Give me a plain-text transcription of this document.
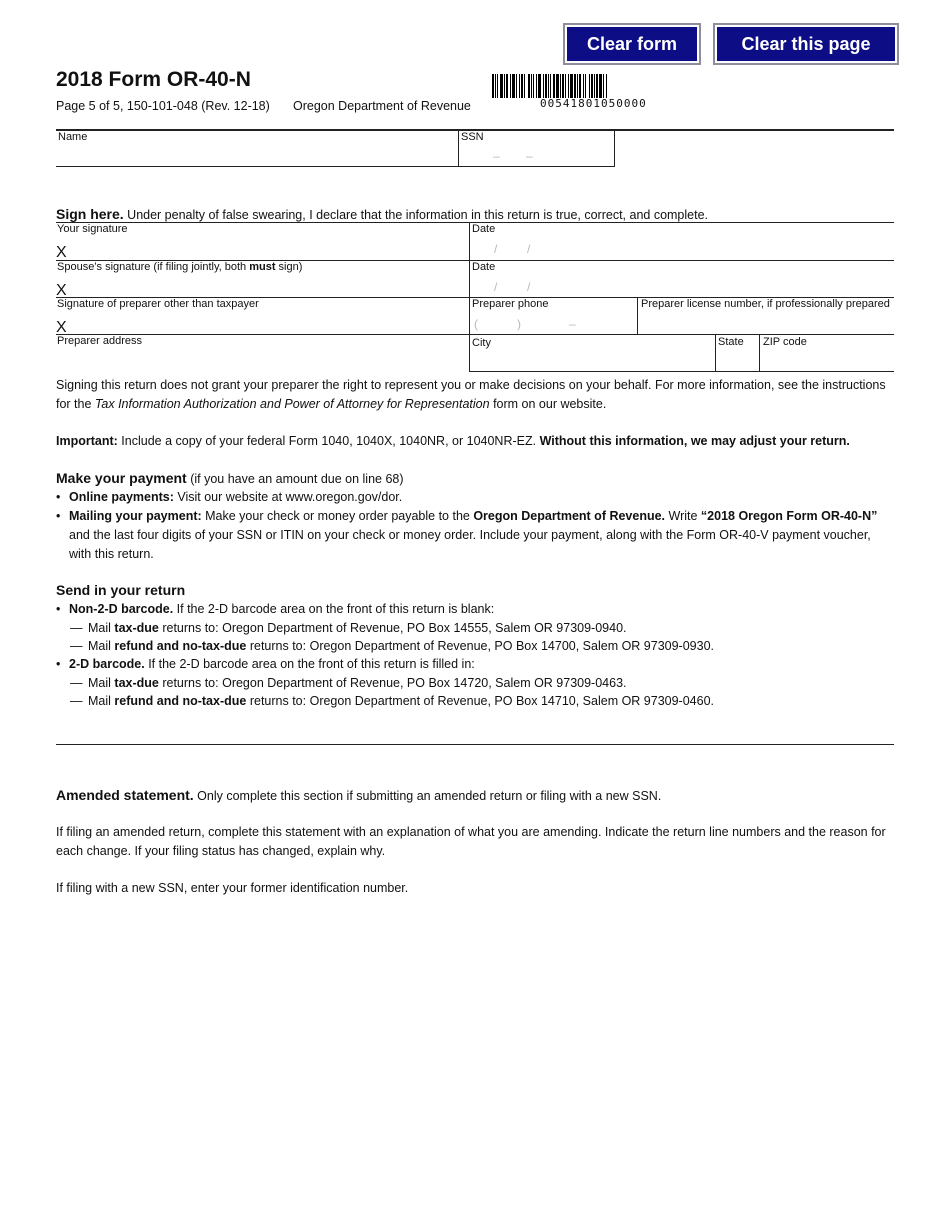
Clear form	Clear this page
2018 Form OR-40-N
Page 5 of 5, 150-101-048 (Rev. 12-18) Oregon Department of Revenue	00541801050000
Name	SSN
– –
Sign here. Under penalty of false swearing, I declare that the information in this return is true, correct, and complete.
Your signature
X
Date
/ /
Spouse’s signature (if filing jointly, both must sign)
X
Date
/ /
Signature of preparer other than taxpayer
X
Preparer phone
(	)	–
Preparer license number, if professionally prepared
Preparer address	City	State ZIP code
Signing this return does not grant your preparer the right to represent you or make decisions on your behalf. For more information, see the instructions for the Tax Information Authorization and Power of Attorney for Representation form on our website.
Important: Include a copy of your federal Form 1040, 1040X, 1040NR, or 1040NR-EZ. Without this information, we may adjust your return.
Make your payment (if you have an amount due on line 68)
• Online payments: Visit our website at www.oregon.gov/dor.
• Mailing your payment: Make your check or money order payable to the Oregon Department of Revenue. Write “2018 Oregon Form OR-40-N” and the last four digits of your SSN or ITIN on your check or money order. Include your payment, along with the Form OR-40-V payment voucher, with this return.
Send in your return
• Non-2-D barcode. If the 2-D barcode area on the front of this return is blank:
— Mail tax-due returns to: Oregon Department of Revenue, PO Box 14555, Salem OR 97309-0940.
— Mail refund and no-tax-due returns to: Oregon Department of Revenue, PO Box 14700, Salem OR 97309-0930.
• 2-D barcode. If the 2-D barcode area on the front of this return is filled in:
— Mail tax-due returns to: Oregon Department of Revenue, PO Box 14720, Salem OR 97309-0463.
— Mail refund and no-tax-due returns to: Oregon Department of Revenue, PO Box 14710, Salem OR 97309-0460.
Amended statement. Only complete this section if submitting an amended return or filing with a new SSN.
If filing an amended return, complete this statement with an explanation of what you are amending. Indicate the return line numbers and the reason for each change. If your filing status has changed, explain why.
If filing with a new SSN, enter your former identification number.
